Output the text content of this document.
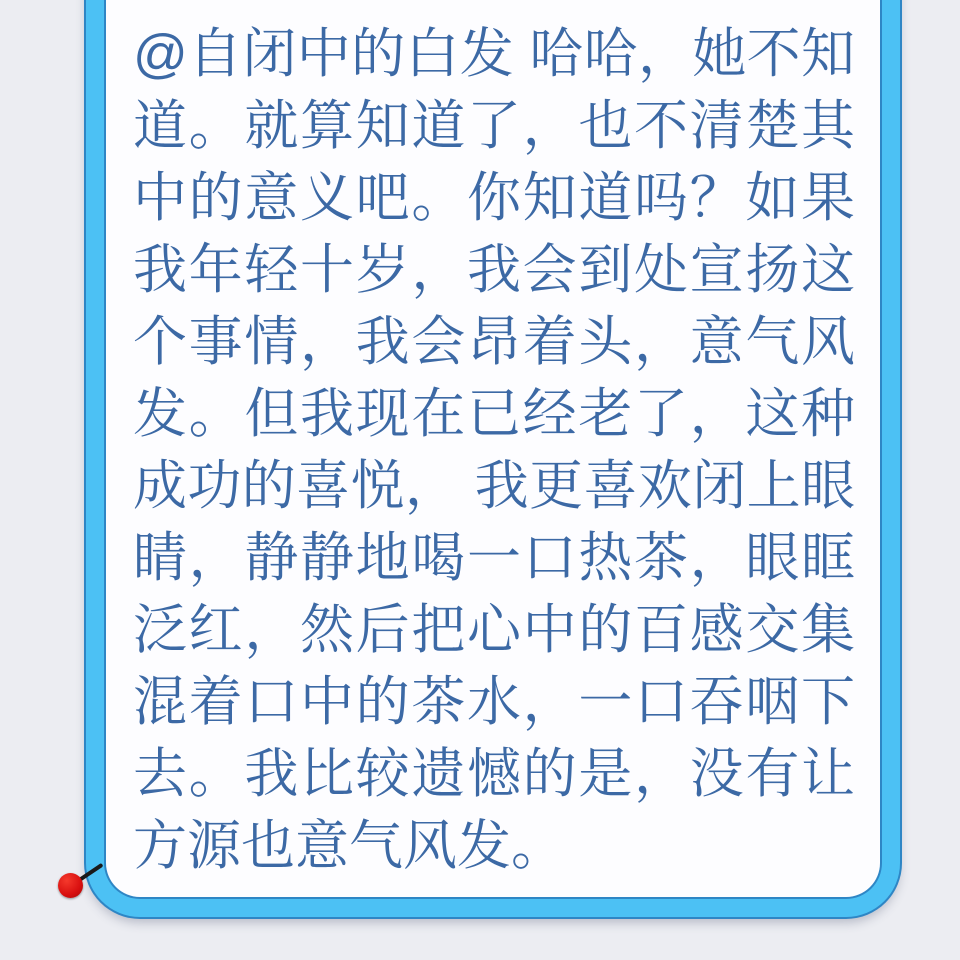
@自闭中的白发 哈哈，她不知
道。就算知道了，也不清楚其
中的意义吧。你知道吗？如果
我年轻十岁，我会到处宣扬这
个事情，我会昂着头，意气风
发。但我现在已经老了，这种
成功的喜悦， 我更喜欢闭上眼
睛，静静地喝一口热茶，眼眶
泛红，然后把心中的百感交集
混着口中的茶水，一口吞咽下
去。我比较遗憾的是，没有让
方源也意气风发。
